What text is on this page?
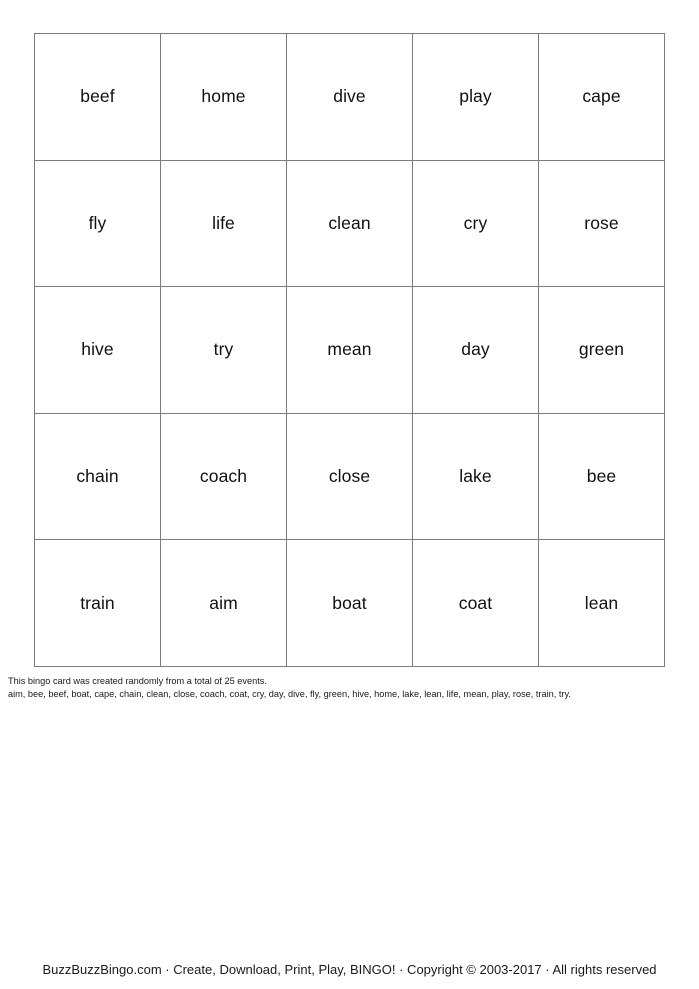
beef	home	dive	play	cape
fly	life	clean	cry	rose
hive	try	mean	day	green
chain	coach	close	lake	bee
train	aim	boat	coat	lean
This bingo card was created randomly from a total of 25 events.
aim, bee, beef, boat, cape, chain, clean, close, coach, coat, cry, day, dive, fly, green, hive, home, lake, lean, life, mean, play, rose, train, try.
BuzzBuzzBingo.com · Create, Download, Print, Play, BINGO! · Copyright © 2003-2017 · All rights reserved
